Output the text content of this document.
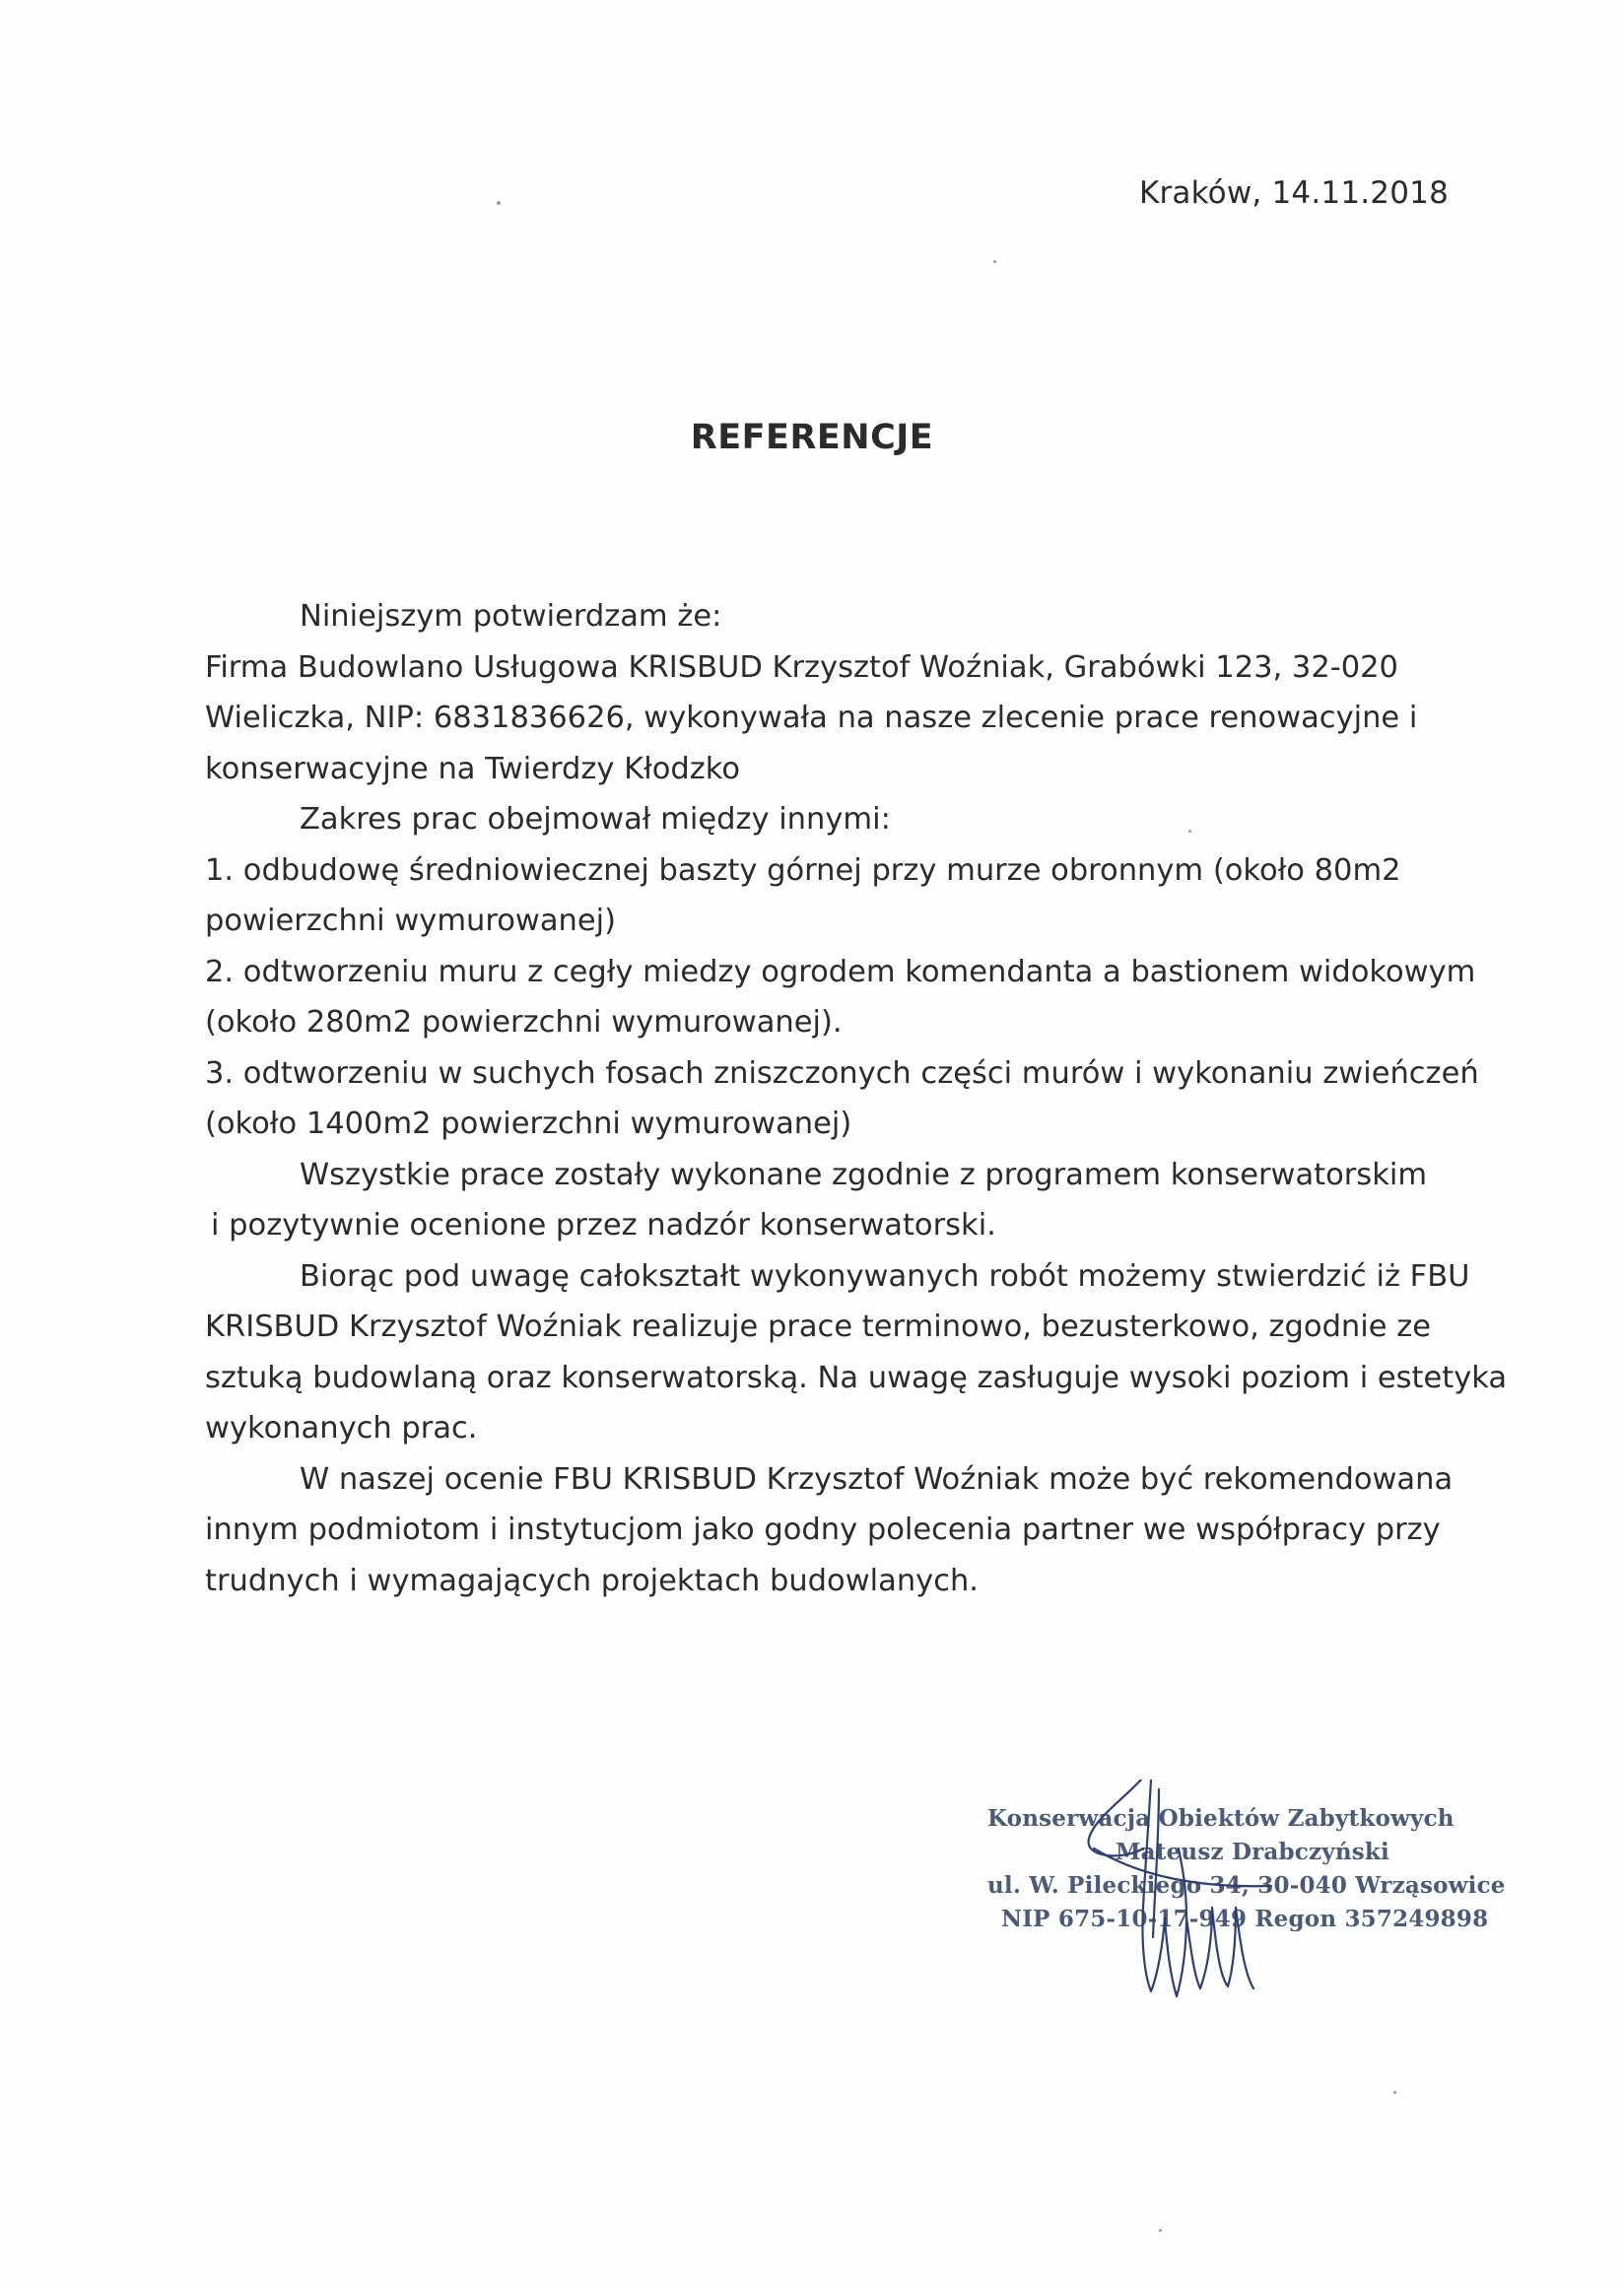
Kraków, 14.11.2018
REFERENCJE
Niniejszym potwierdzam że:
Firma Budowlano Usługowa KRISBUD Krzysztof Woźniak, Grabówki 123, 32-020
Wieliczka, NIP: 6831836626, wykonywała na nasze zlecenie prace renowacyjne i
konserwacyjne na Twierdzy Kłodzko
Zakres prac obejmował między innymi:
1. odbudowę średniowiecznej baszty górnej przy murze obronnym (około 80m2
powierzchni wymurowanej)
2. odtworzeniu muru z cegły miedzy ogrodem komendanta a bastionem widokowym
(około 280m2 powierzchni wymurowanej).
3. odtworzeniu w suchych fosach zniszczonych części murów i wykonaniu zwieńczeń
(około 1400m2 powierzchni wymurowanej)
Wszystkie prace zostały wykonane zgodnie z programem konserwatorskim
i pozytywnie ocenione przez nadzór konserwatorski.
Biorąc pod uwagę całokształt wykonywanych robót możemy stwierdzić iż FBU
KRISBUD Krzysztof Woźniak realizuje prace terminowo, bezusterkowo, zgodnie ze
sztuką budowlaną oraz konserwatorską. Na uwagę zasługuje wysoki poziom i estetyka
wykonanych prac.
W naszej ocenie FBU KRISBUD Krzysztof Woźniak może być rekomendowana
innym podmiotom i instytucjom jako godny polecenia partner we współpracy przy
trudnych i wymagających projektach budowlanych.
Konserwacja Obiektów Zabytkowych
Mateusz Drabczyński
ul. W. Pileckiego 34, 30-040 Wrząsowice
NIP 675-10-17-949 Regon 357249898
